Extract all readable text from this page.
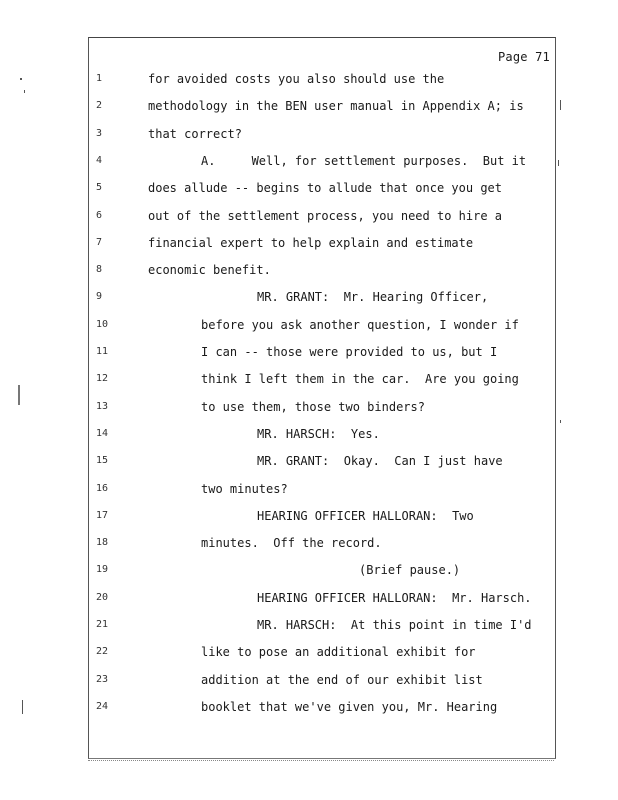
Page 71
1	for avoided costs you also should use the
2	methodology in the BEN user manual in Appendix A; is
3	that correct?
4	A.     Well, for settlement purposes.  But it
5	does allude -- begins to allude that once you get
6	out of the settlement process, you need to hire a
7	financial expert to help explain and estimate
8	economic benefit.
9	MR. GRANT:  Mr. Hearing Officer,
10	before you ask another question, I wonder if
11	I can -- those were provided to us, but I
12	think I left them in the car.  Are you going
13	to use them, those two binders?
14	MR. HARSCH:  Yes.
15	MR. GRANT:  Okay.  Can I just have
16	two minutes?
17	HEARING OFFICER HALLORAN:  Two
18	minutes.  Off the record.
19	(Brief pause.)
20	HEARING OFFICER HALLORAN:  Mr. Harsch.
21	MR. HARSCH:  At this point in time I'd
22	like to pose an additional exhibit for
23	addition at the end of our exhibit list
24	booklet that we've given you, Mr. Hearing
